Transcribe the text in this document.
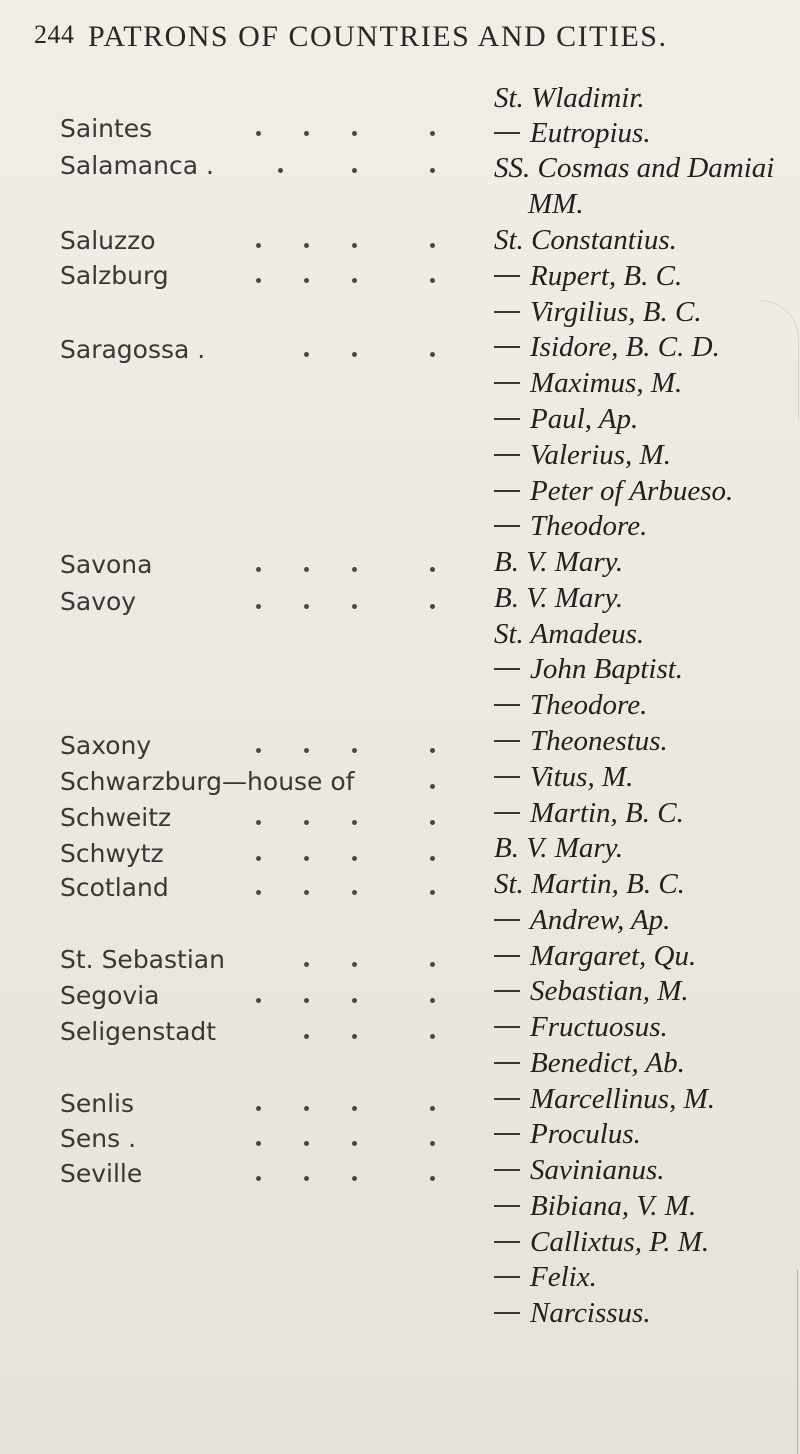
244 PATRONS OF COUNTRIES AND CITIES.
Saintes
Salamanca .
Saluzzo
Salzburg
Saragossa .
Savona
Savoy
Saxony
Schwarzburg—house of
Schweitz
Schwytz
Scotland
St. Sebastian
Segovia
Seligenstadt
Senlis
Sens .
Seville
St. Wladimir.
Eutropius.
SS. Cosmas and Damiai
MM.
St. Constantius.
Rupert, B. C.
Virgilius, B. C.
Isidore, B. C. D.
Maximus, M.
Paul, Ap.
Valerius, M.
Peter of Arbueso.
Theodore.
B. V. Mary.
B. V. Mary.
St. Amadeus.
John Baptist.
Theodore.
Theonestus.
Vitus, M.
Martin, B. C.
B. V. Mary.
St. Martin, B. C.
Andrew, Ap.
Margaret, Qu.
Sebastian, M.
Fructuosus.
Benedict, Ab.
Marcellinus, M.
Proculus.
Savinianus.
Bibiana, V. M.
Callixtus, P. M.
Felix.
Narcissus.
